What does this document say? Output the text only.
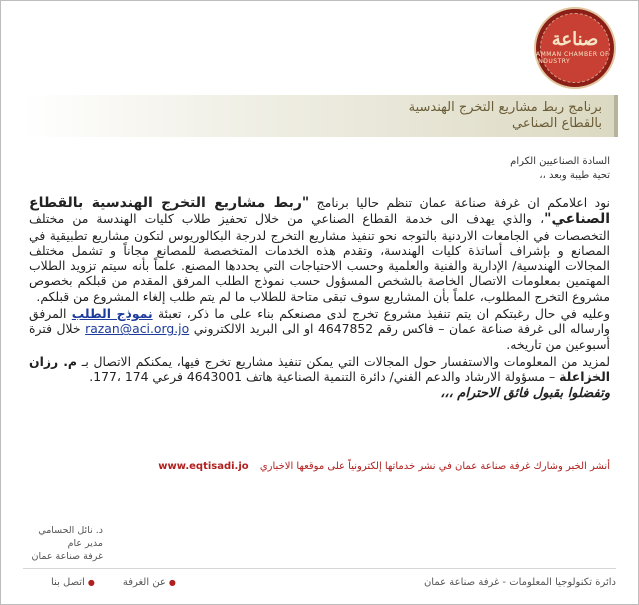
صناعة
AMMAN CHAMBER OF INDUSTRY
برنامج ربط مشاريع التخرج الهندسية
بالقطاع الصناعي
السادة الصناعيين الكرام
تحية طيبة وبعد ،،

نود اعلامكم ان غرفة صناعة عمان تنظم حاليا برنامج "ربط مشاريع التخرج الهندسية بالقطاع الصناعي"، والذي يهدف الى خدمة القطاع الصناعي من خلال تحفيز طلاب كليات الهندسة من مختلف التخصصات في الجامعات الاردنية بالتوجه نحو تنفيذ مشاريع التخرج لدرجة البكالوريوس لتكون مشاريع تطبيقية في المصانع و بإشراف أساتذة كليات الهندسة، وتقدم هذه الخدمات المتخصصة للمصانع مجاناً و تشمل مختلف المجالات الهندسية/ الإدارية والفنية والعلمية وحسب الاحتياجات التي يحددها المصنع. علماً بأنه سيتم تزويد الطلاب المهتمين بمعلومات الاتصال الخاصة بالشخص المسؤول حسب نموذج الطلب المرفق المقدم من قبلكم بخصوص مشروع التخرج المطلوب، علماً بأن المشاريع سوف تبقى متاحة للطلاب ما لم يتم طلب إلغاء المشروع من قبلكم.

وعليه في حال رغبتكم ان يتم تنفيذ مشروع تخرج لدى مصنعكم بناء على ما ذكر، تعبئة نموذج الطلب المرفق وارساله الى غرفة صناعة عمان – فاكس رقم 4647852 او الى البريد الالكتروني razan@aci.org.jo خلال فترة أسبوعين من تاريخه.

لمزيد من المعلومات والاستفسار حول المجالات التي يمكن تنفيذ مشاريع تخرج فيها، يمكنكم الاتصال بـ م. رزان الخزاعلة – مسؤولة الارشاد والدعم الفني/ دائرة التنمية الصناعية هاتف 4643001 فرعي 174 ،177.

وتفضلوا بقبول فائق الاحترام ،،،
أنشر الخبر وشارك غرفة صناعة عمان في نشر خدماتها إلكترونياً على موقعها الاخباري www.eqtisadi.jo
د. نائل الحسامي
مدير عام
غرفة صناعة عمان
دائرة تكنولوجيا المعلومات - غرفة صناعة عمان
●
عن الغرفة
●
اتصل بنا
